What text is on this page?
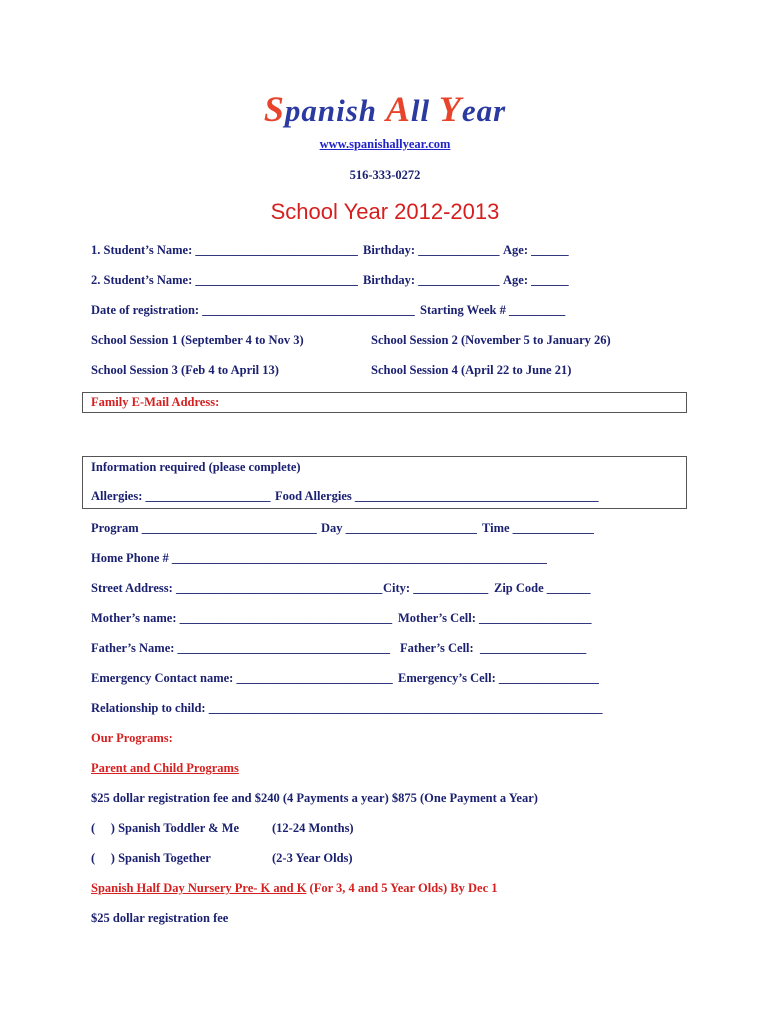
Spanish All Year
www.spanishallyear.com
516-333-0272
School Year 2012-2013
1. Student’s Name: __________________________ Birthday: _____________ Age: ______
2. Student’s Name: __________________________ Birthday: _____________ Age: ______
Date of registration: __________________________________ Starting Week # _________
School Session 1 (September 4 to Nov 3)	School Session 2 (November 5 to January 26)
School Session 3 (Feb 4 to April 13)	School Session 4 (April 22 to June 21)
Family E-Mail Address:
Information required (please complete)
Allergies: ____________________ Food Allergies _______________________________________
Program ____________________________ Day _____________________ Time _____________
Home Phone # ____________________________________________________________
Street Address: _________________________________ City: ____________ Zip Code _______
Mother’s name: __________________________________ Mother’s Cell: __________________
Father’s Name: __________________________________ Father’s Cell:  _________________
Emergency Contact name: _________________________ Emergency’s Cell: ________________
Relationship to child: _______________________________________________________________
Our Programs:
Parent and Child Programs
$25 dollar registration fee and $240 (4 Payments a year) $875 (One Payment a Year)
(     ) Spanish Toddler & Me	(12-24 Months)
(     ) Spanish Together	(2-3 Year Olds)
Spanish Half Day Nursery Pre- K and K (For 3, 4 and 5 Year Olds) By Dec 1
$25 dollar registration fee
